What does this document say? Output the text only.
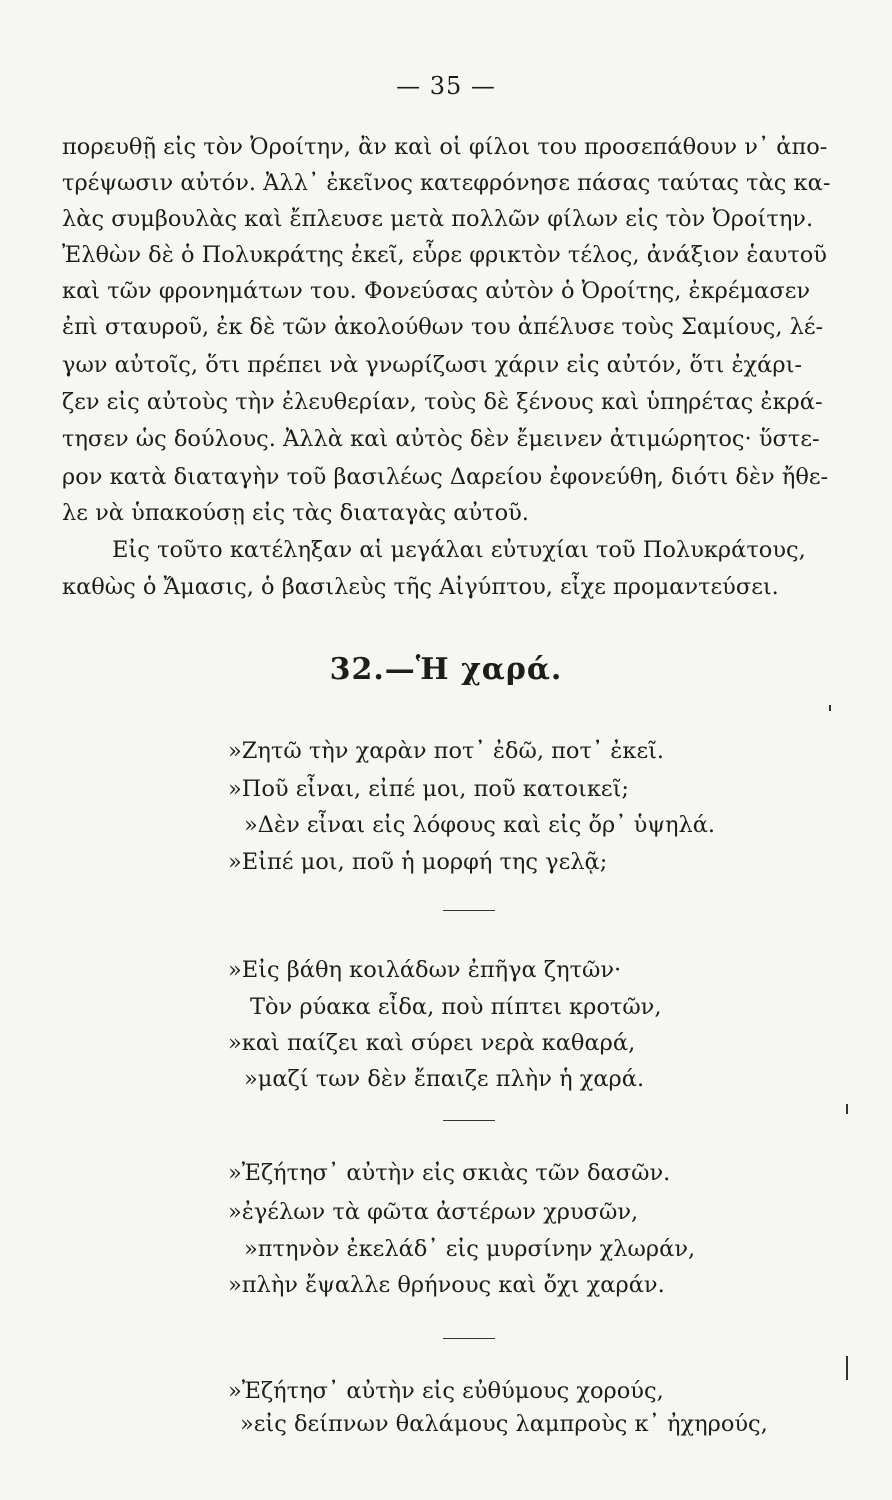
— 35 —
πορευθῇ εἰς τὸν Ὀροίτην, ἂν καὶ οἱ φίλοι του προσεπάθουν ν᾽ ἀπο-
τρέψωσιν αὐτόν. Ἀλλ᾽ ἐκεῖνος κατεφρόνησε πάσας ταύτας τὰς κα-
λὰς συμβουλὰς καὶ ἔπλευσε μετὰ πολλῶν φίλων εἰς τὸν Ὀροίτην.
Ἐλθὼν δὲ ὁ Πολυκράτης ἐκεῖ, εὗρε φρικτὸν τέλος, ἀνάξιον ἑαυτοῦ
καὶ τῶν φρονημάτων του. Φονεύσας αὐτὸν ὁ Ὀροίτης, ἐκρέμασεν
ἐπὶ σταυροῦ, ἐκ δὲ τῶν ἀκολούθων του ἀπέλυσε τοὺς Σαμίους, λέ-
γων αὐτοῖς, ὅτι πρέπει νὰ γνωρίζωσι χάριν εἰς αὐτόν, ὅτι ἐχάρι-
ζεν εἰς αὐτοὺς τὴν ἐλευθερίαν, τοὺς δὲ ξένους καὶ ὑπηρέτας ἐκρά-
τησεν ὡς δούλους. Ἀλλὰ καὶ αὐτὸς δὲν ἔμεινεν ἀτιμώρητος· ὕστε-
ρον κατὰ διαταγὴν τοῦ βασιλέως Δαρείου ἐφονεύθη, διότι δὲν ἤθε-
λε νὰ ὑπακούσῃ εἰς τὰς διαταγὰς αὐτοῦ.
Εἰς τοῦτο κατέληξαν αἱ μεγάλαι εὐτυχίαι τοῦ Πολυκράτους,
καθὼς ὁ Ἄμασις, ὁ βασιλεὺς τῆς Αἰγύπτου, εἶχε προμαντεύσει.
32.—Ἡ χαρά.
»Ζητῶ τὴν χαρὰν ποτ᾽ ἐδῶ, ποτ᾽ ἐκεῖ.
»Ποῦ εἶναι, εἰπέ μοι, ποῦ κατοικεῖ;
»Δὲν εἶναι εἰς λόφους καὶ εἰς ὄρ᾽ ὑψηλά.
»Εἰπέ μοι, ποῦ ἡ μορφή της γελᾷ;
»Εἰς βάθη κοιλάδων ἐπῆγα ζητῶν·
Τὸν ρύακα εἶδα, ποὺ πίπτει κροτῶν,
»καὶ παίζει καὶ σύρει νερὰ καθαρά,
»μαζί των δὲν ἔπαιζε πλὴν ἡ χαρά.
»Ἐζήτησ᾽ αὐτὴν εἰς σκιὰς τῶν δασῶν.
»ἐγέλων τὰ φῶτα ἀστέρων χρυσῶν,
»πτηνὸν ἐκελάδ᾽ εἰς μυρσίνην χλωράν,
»πλὴν ἔψαλλε θρήνους καὶ ὄχι χαράν.
»Ἐζήτησ᾽ αὐτὴν εἰς εὐθύμους χορούς,
»εἰς δείπνων θαλάμους λαμπροὺς κ᾽ ἠχηρούς,
